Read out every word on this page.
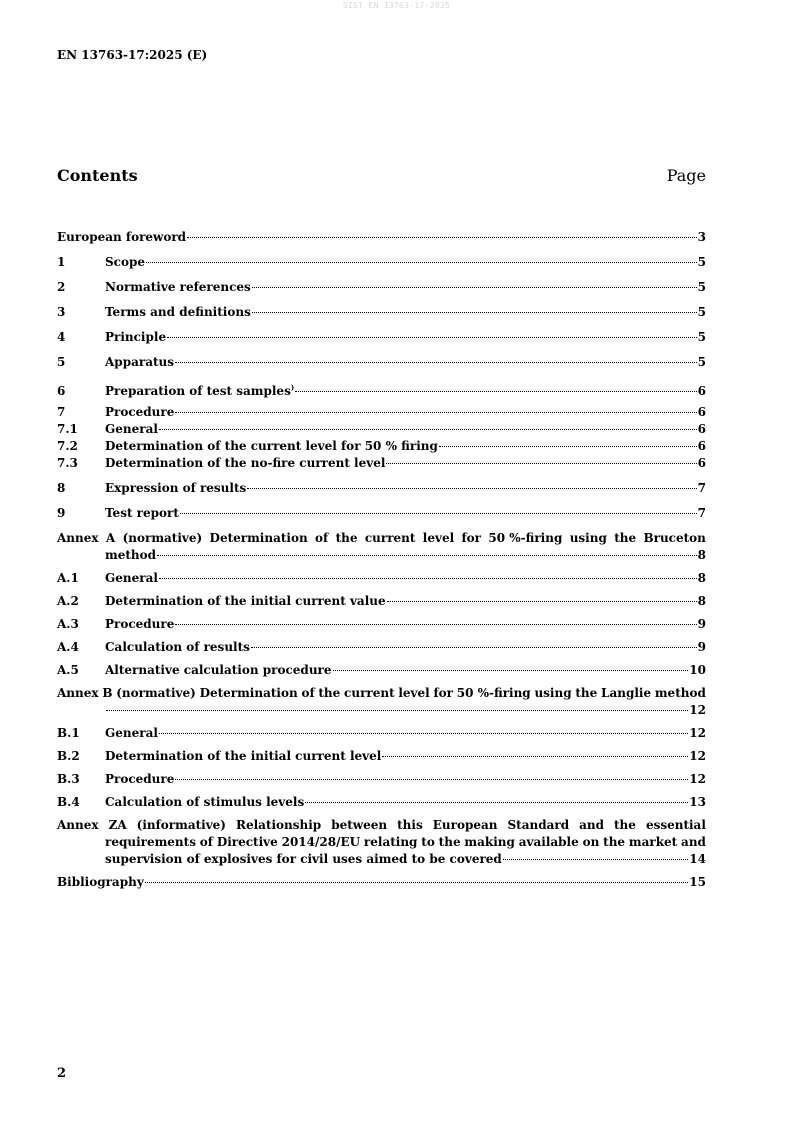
SIST EN 13763-17:2025
EN 13763-17:2025 (E)
Contents	Page
European foreword	3
1	Scope	5
2	Normative references	5
3	Terms and definitions	5
4	Principle	5
5	Apparatus	5
6	Preparation of test samples)	6
7	Procedure	6
7.1	General	6
7.2	Determination of the current level for 50 % firing	6
7.3	Determination of the no-fire current level	6
8	Expression of results	7
9	Test report	7
Annex A (normative) Determination of the current level for 50 %-firing using the Bruceton
method	8
A.1	General	8
A.2	Determination of the initial current value	8
A.3	Procedure	9
A.4	Calculation of results	9
A.5	Alternative calculation procedure	10
Annex B (normative) Determination of the current level for 50 %-firing using the Langlie method
12
B.1	General	12
B.2	Determination of the initial current level	12
B.3	Procedure	12
B.4	Calculation of stimulus levels	13
Annex ZA (informative) Relationship between this European Standard and the essential
requirements of Directive 2014/28/EU relating to the making available on the market and
supervision of explosives for civil uses aimed to be covered	14
Bibliography	15
2
